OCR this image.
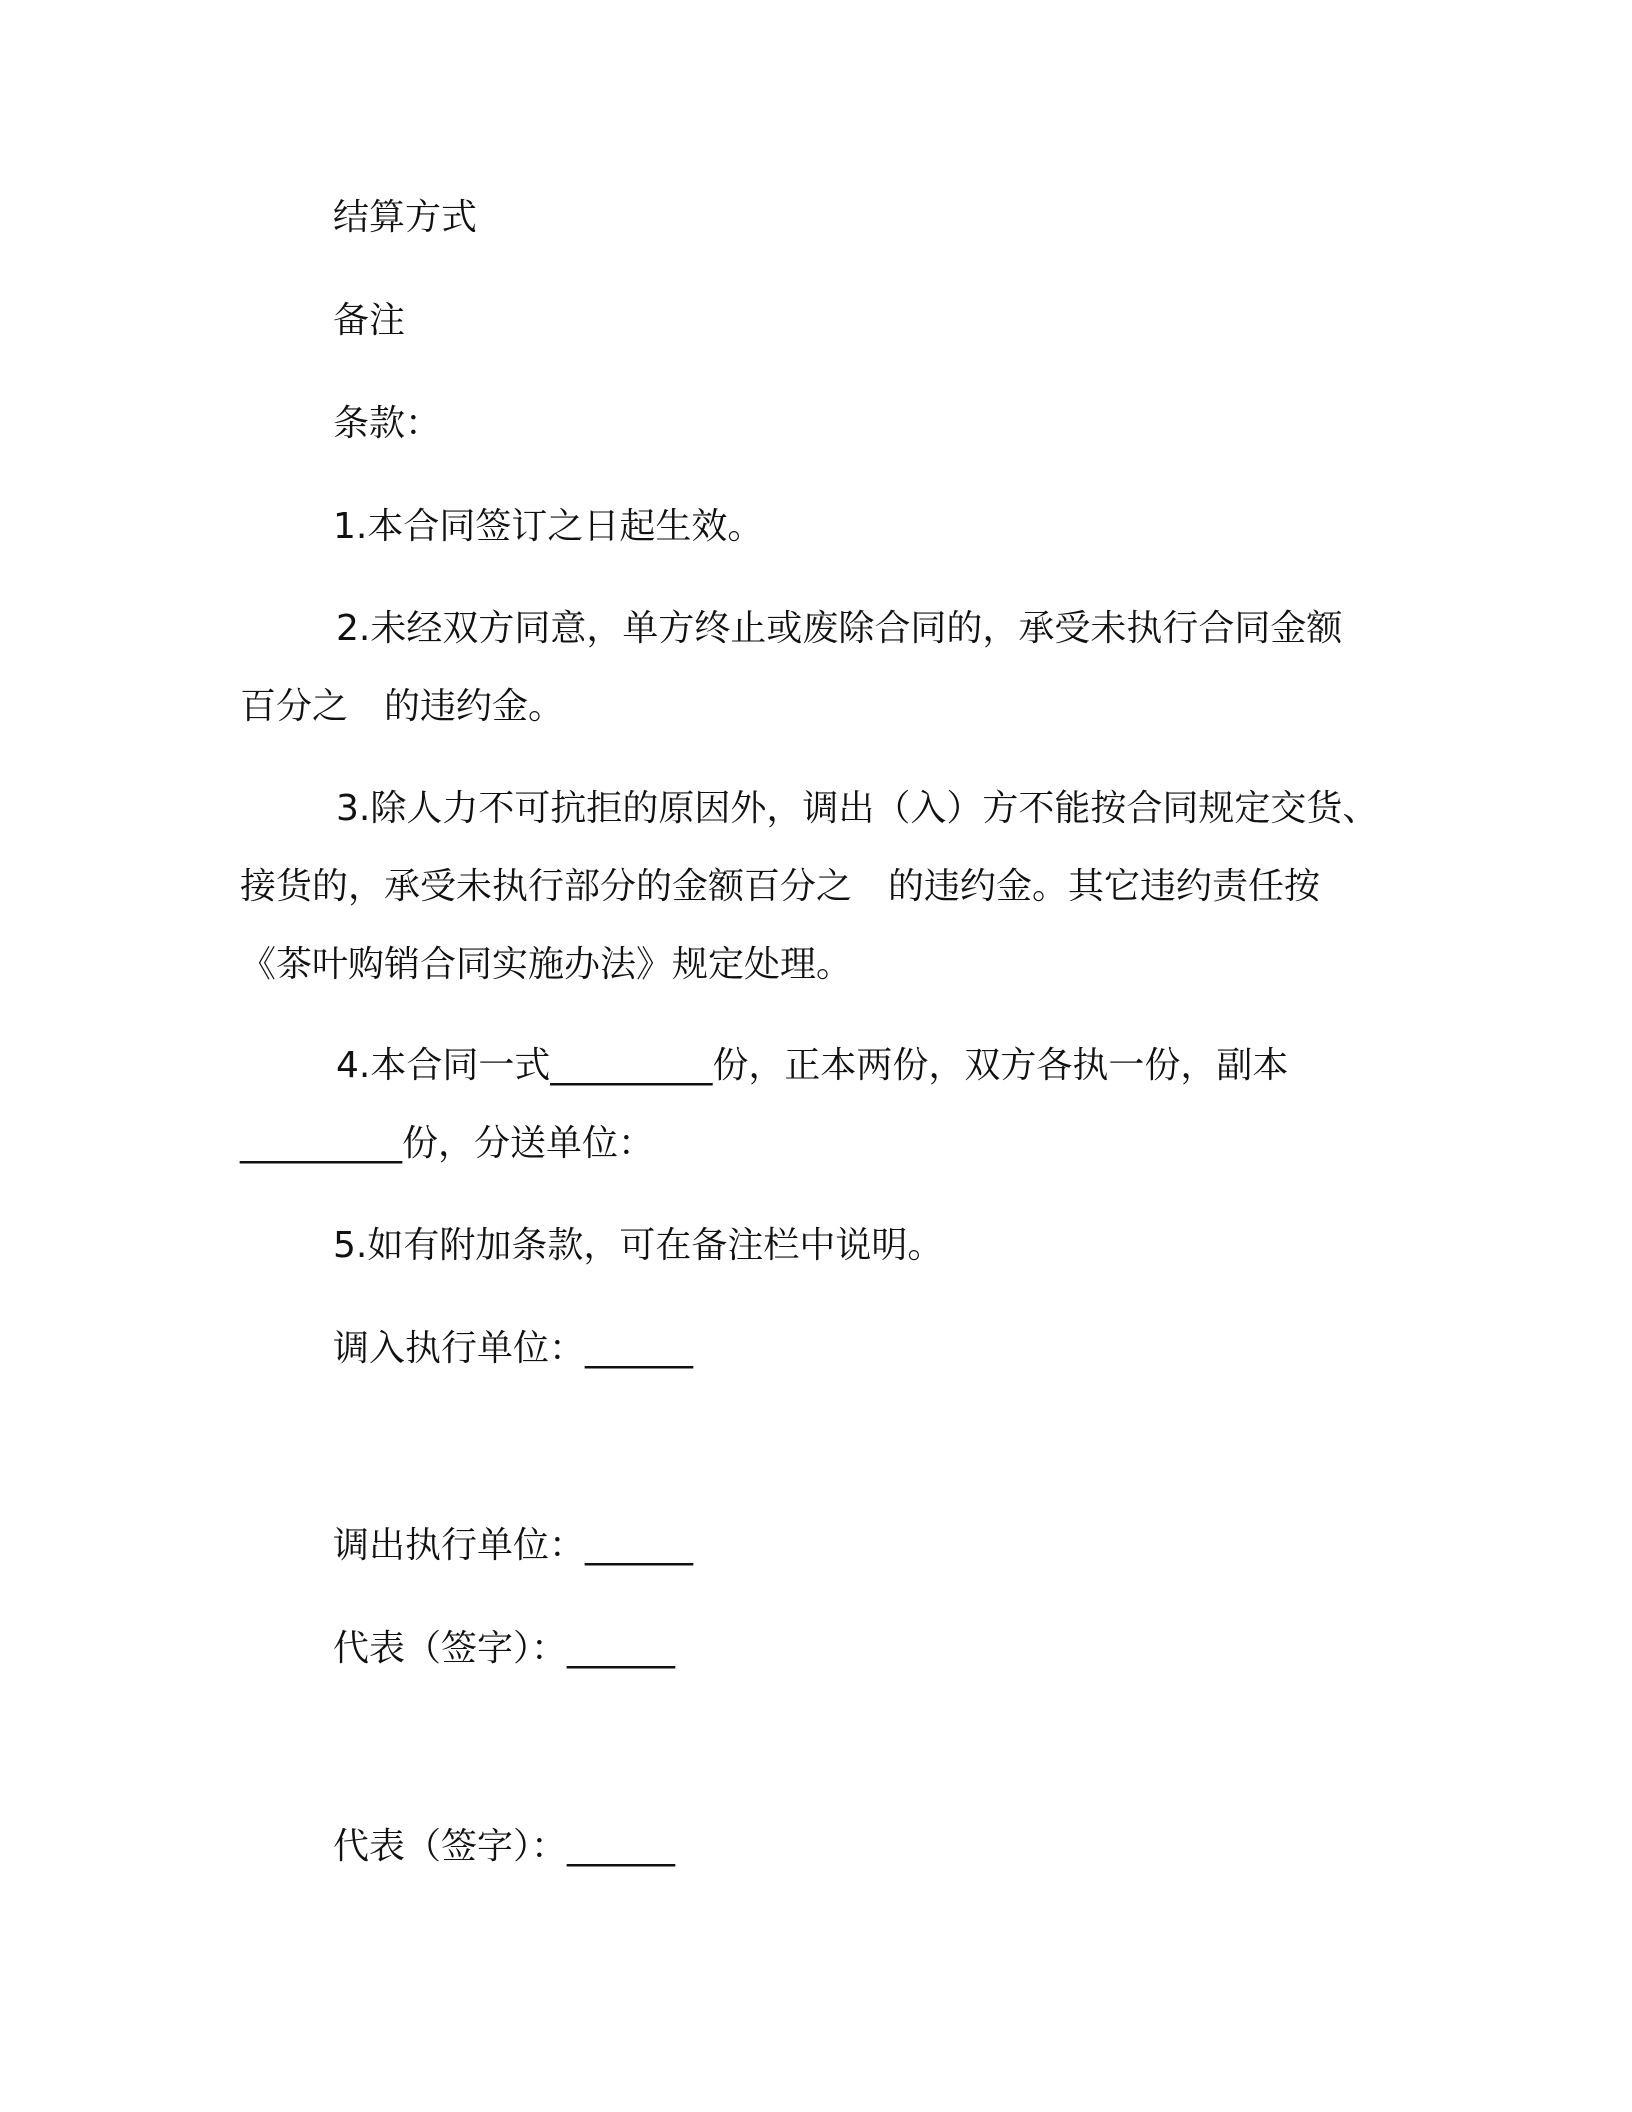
结算方式

备注

条款：

1.本合同签订之日起生效。

2.未经双方同意，单方终止或废除合同的，承受未执行合同金额
百分之　的违约金。
3.除人力不可抗拒的原因外，调出（入）方不能按合同规定交货、
接货的，承受未执行部分的金额百分之　的违约金。其它违约责任按
《茶叶购销合同实施办法》规定处理。
4.本合同一式_________份，正本两份，双方各执一份，副本
_________份，分送单位：

5.如有附加条款，可在备注栏中说明。

调入执行单位：______

调出执行单位：______

代表（签字）：______

代表（签字）：______
